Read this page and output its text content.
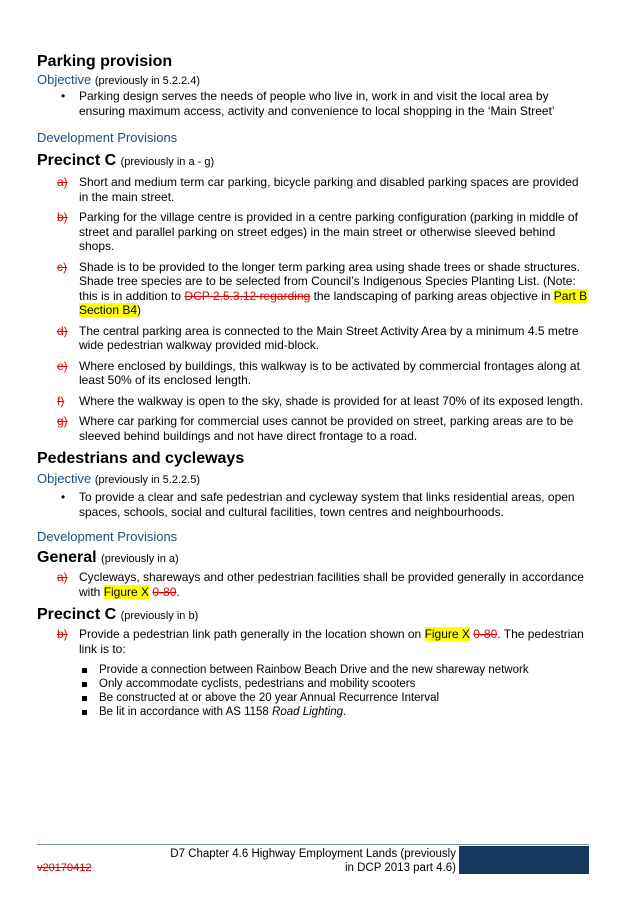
Parking provision
Objective (previously in 5.2.2.4)
• Parking design serves the needs of people who live in, work in and visit the local area by ensuring maximum access, activity and convenience to local shopping in the ‘Main Street’
Development Provisions
Precinct C (previously in a - g)
a) Short and medium term car parking, bicycle parking and disabled parking spaces are provided in the main street.
b) Parking for the village centre is provided in a centre parking configuration (parking in middle of street and parallel parking on street edges) in the main street or otherwise sleeved behind shops.
c) Shade is to be provided to the longer term parking area using shade trees or shade structures. Shade tree species are to be selected from Council’s Indigenous Species Planting List. (Note: this is in addition to DCP 2.5.3.12 regarding the landscaping of parking areas objective in Part B Section B4)
d) The central parking area is connected to the Main Street Activity Area by a minimum 4.5 metre wide pedestrian walkway provided mid-block.
e) Where enclosed by buildings, this walkway is to be activated by commercial frontages along at least 50% of its enclosed length.
f) Where the walkway is open to the sky, shade is provided for at least 70% of its exposed length.
g) Where car parking for commercial uses cannot be provided on street, parking areas are to be sleeved behind buildings and not have direct frontage to a road.
Pedestrians and cycleways
Objective (previously in 5.2.2.5)
• To provide a clear and safe pedestrian and cycleway system that links residential areas, open spaces, schools, social and cultural facilities, town centres and neighbourhoods.
Development Provisions
General (previously in a)
a) Cycleways, shareways and other pedestrian facilities shall be provided generally in accordance with Figure X 0-80.
Precinct C (previously in b)
b) Provide a pedestrian link path generally in the location shown on Figure X 0-80. The pedestrian link is to:
Provide a connection between Rainbow Beach Drive and the new shareway network
Only accommodate cyclists, pedestrians and mobility scooters
Be constructed at or above the 20 year Annual Recurrence Interval
Be lit in accordance with AS 1158 Road Lighting.
D7 Chapter 4.6 Highway Employment Lands (previously in DCP 2013 part 4.6)
v20170412
